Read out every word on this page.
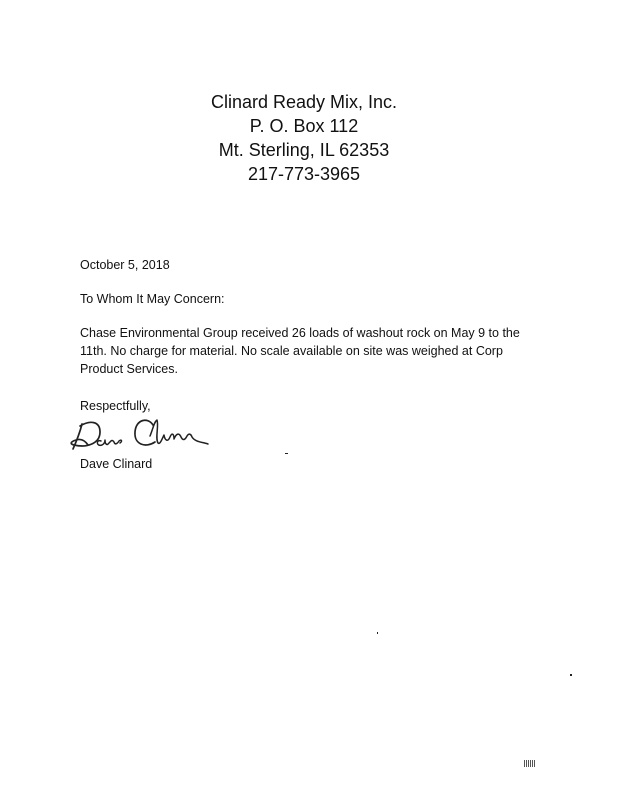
Clinard Ready Mix, Inc.
P. O. Box 112
Mt. Sterling, IL 62353
217-773-3965
October 5, 2018
To Whom It May Concern:
Chase Environmental Group received 26 loads of washout rock on May 9 to the 11th. No charge for material. No scale available on site was weighed at Corp Product Services.
Respectfully,
Dave Clinard
